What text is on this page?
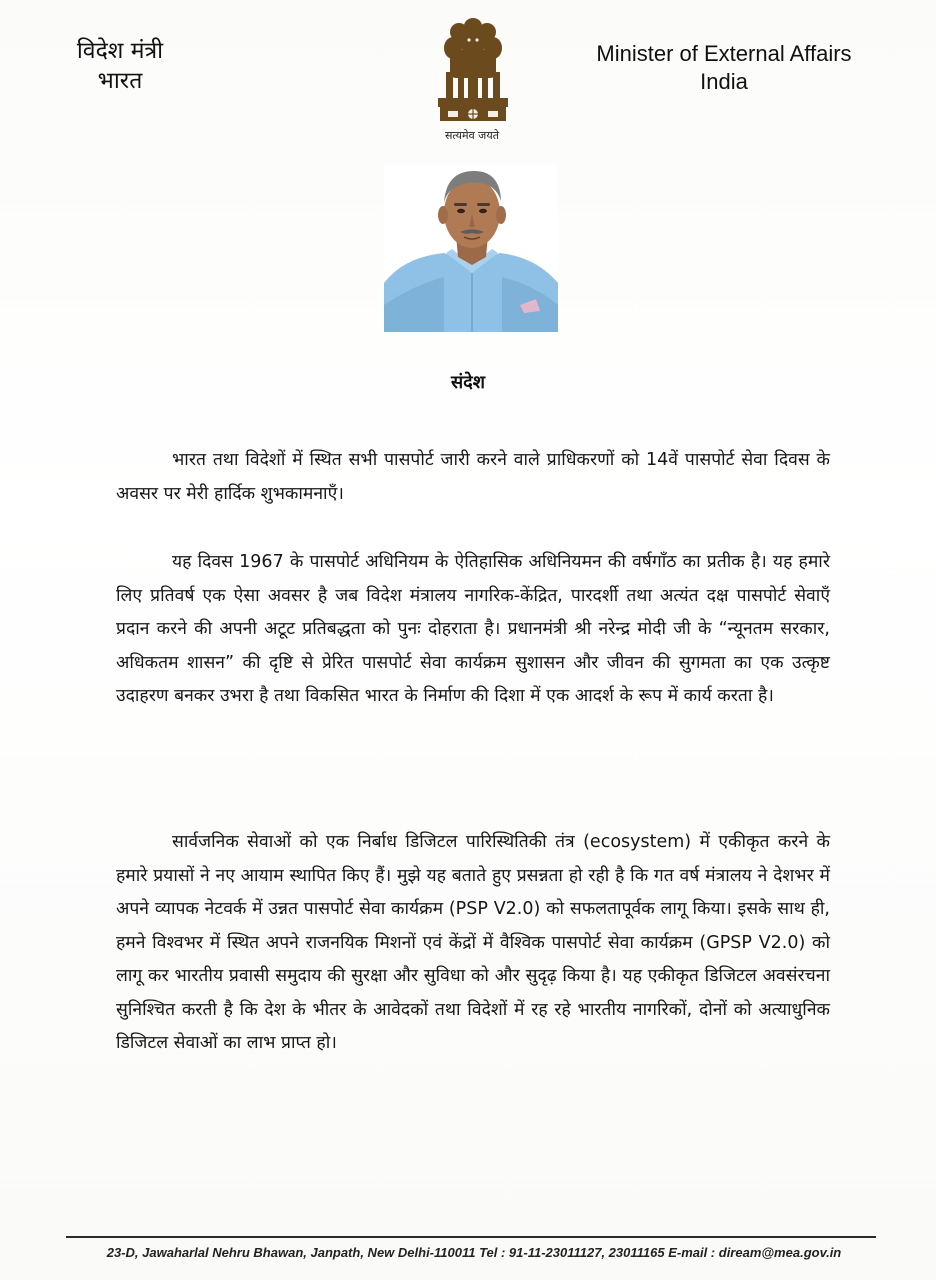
विदेश मंत्री
भारत
सत्यमेव जयते
Minister of External Affairs
India
संदेश
भारत तथा विदेशों में स्थित सभी पासपोर्ट जारी करने वाले प्राधिकरणों को 14वें पासपोर्ट सेवा दिवस के अवसर पर मेरी हार्दिक शुभकामनाएँ।
यह दिवस 1967 के पासपोर्ट अधिनियम के ऐतिहासिक अधिनियमन की वर्षगाँठ का प्रतीक है। यह हमारे लिए प्रतिवर्ष एक ऐसा अवसर है जब विदेश मंत्रालय नागरिक-केंद्रित, पारदर्शी तथा अत्यंत दक्ष पासपोर्ट सेवाएँ प्रदान करने की अपनी अटूट प्रतिबद्धता को पुनः दोहराता है। प्रधानमंत्री श्री नरेन्द्र मोदी जी के “न्यूनतम सरकार, अधिकतम शासन” की दृष्टि से प्रेरित पासपोर्ट सेवा कार्यक्रम सुशासन और जीवन की सुगमता का एक उत्कृष्ट उदाहरण बनकर उभरा है तथा विकसित भारत के निर्माण की दिशा में एक आदर्श के रूप में कार्य करता है।
सार्वजनिक सेवाओं को एक निर्बाध डिजिटल पारिस्थितिकी तंत्र (ecosystem) में एकीकृत करने के हमारे प्रयासों ने नए आयाम स्थापित किए हैं। मुझे यह बताते हुए प्रसन्नता हो रही है कि गत वर्ष मंत्रालय ने देशभर में अपने व्यापक नेटवर्क में उन्नत पासपोर्ट सेवा कार्यक्रम (PSP V2.0) को सफलतापूर्वक लागू किया। इसके साथ ही, हमने विश्वभर में स्थित अपने राजनयिक मिशनों एवं केंद्रों में वैश्विक पासपोर्ट सेवा कार्यक्रम (GPSP V2.0) को लागू कर भारतीय प्रवासी समुदाय की सुरक्षा और सुविधा को और सुदृढ़ किया है। यह एकीकृत डिजिटल अवसंरचना सुनिश्चित करती है कि देश के भीतर के आवेदकों तथा विदेशों में रह रहे भारतीय नागरिकों, दोनों को अत्याधुनिक डिजिटल सेवाओं का लाभ प्राप्त हो।
23-D, Jawaharlal Nehru Bhawan, Janpath, New Delhi-110011 Tel : 91-11-23011127, 23011165 E-mail : diream@mea.gov.in
